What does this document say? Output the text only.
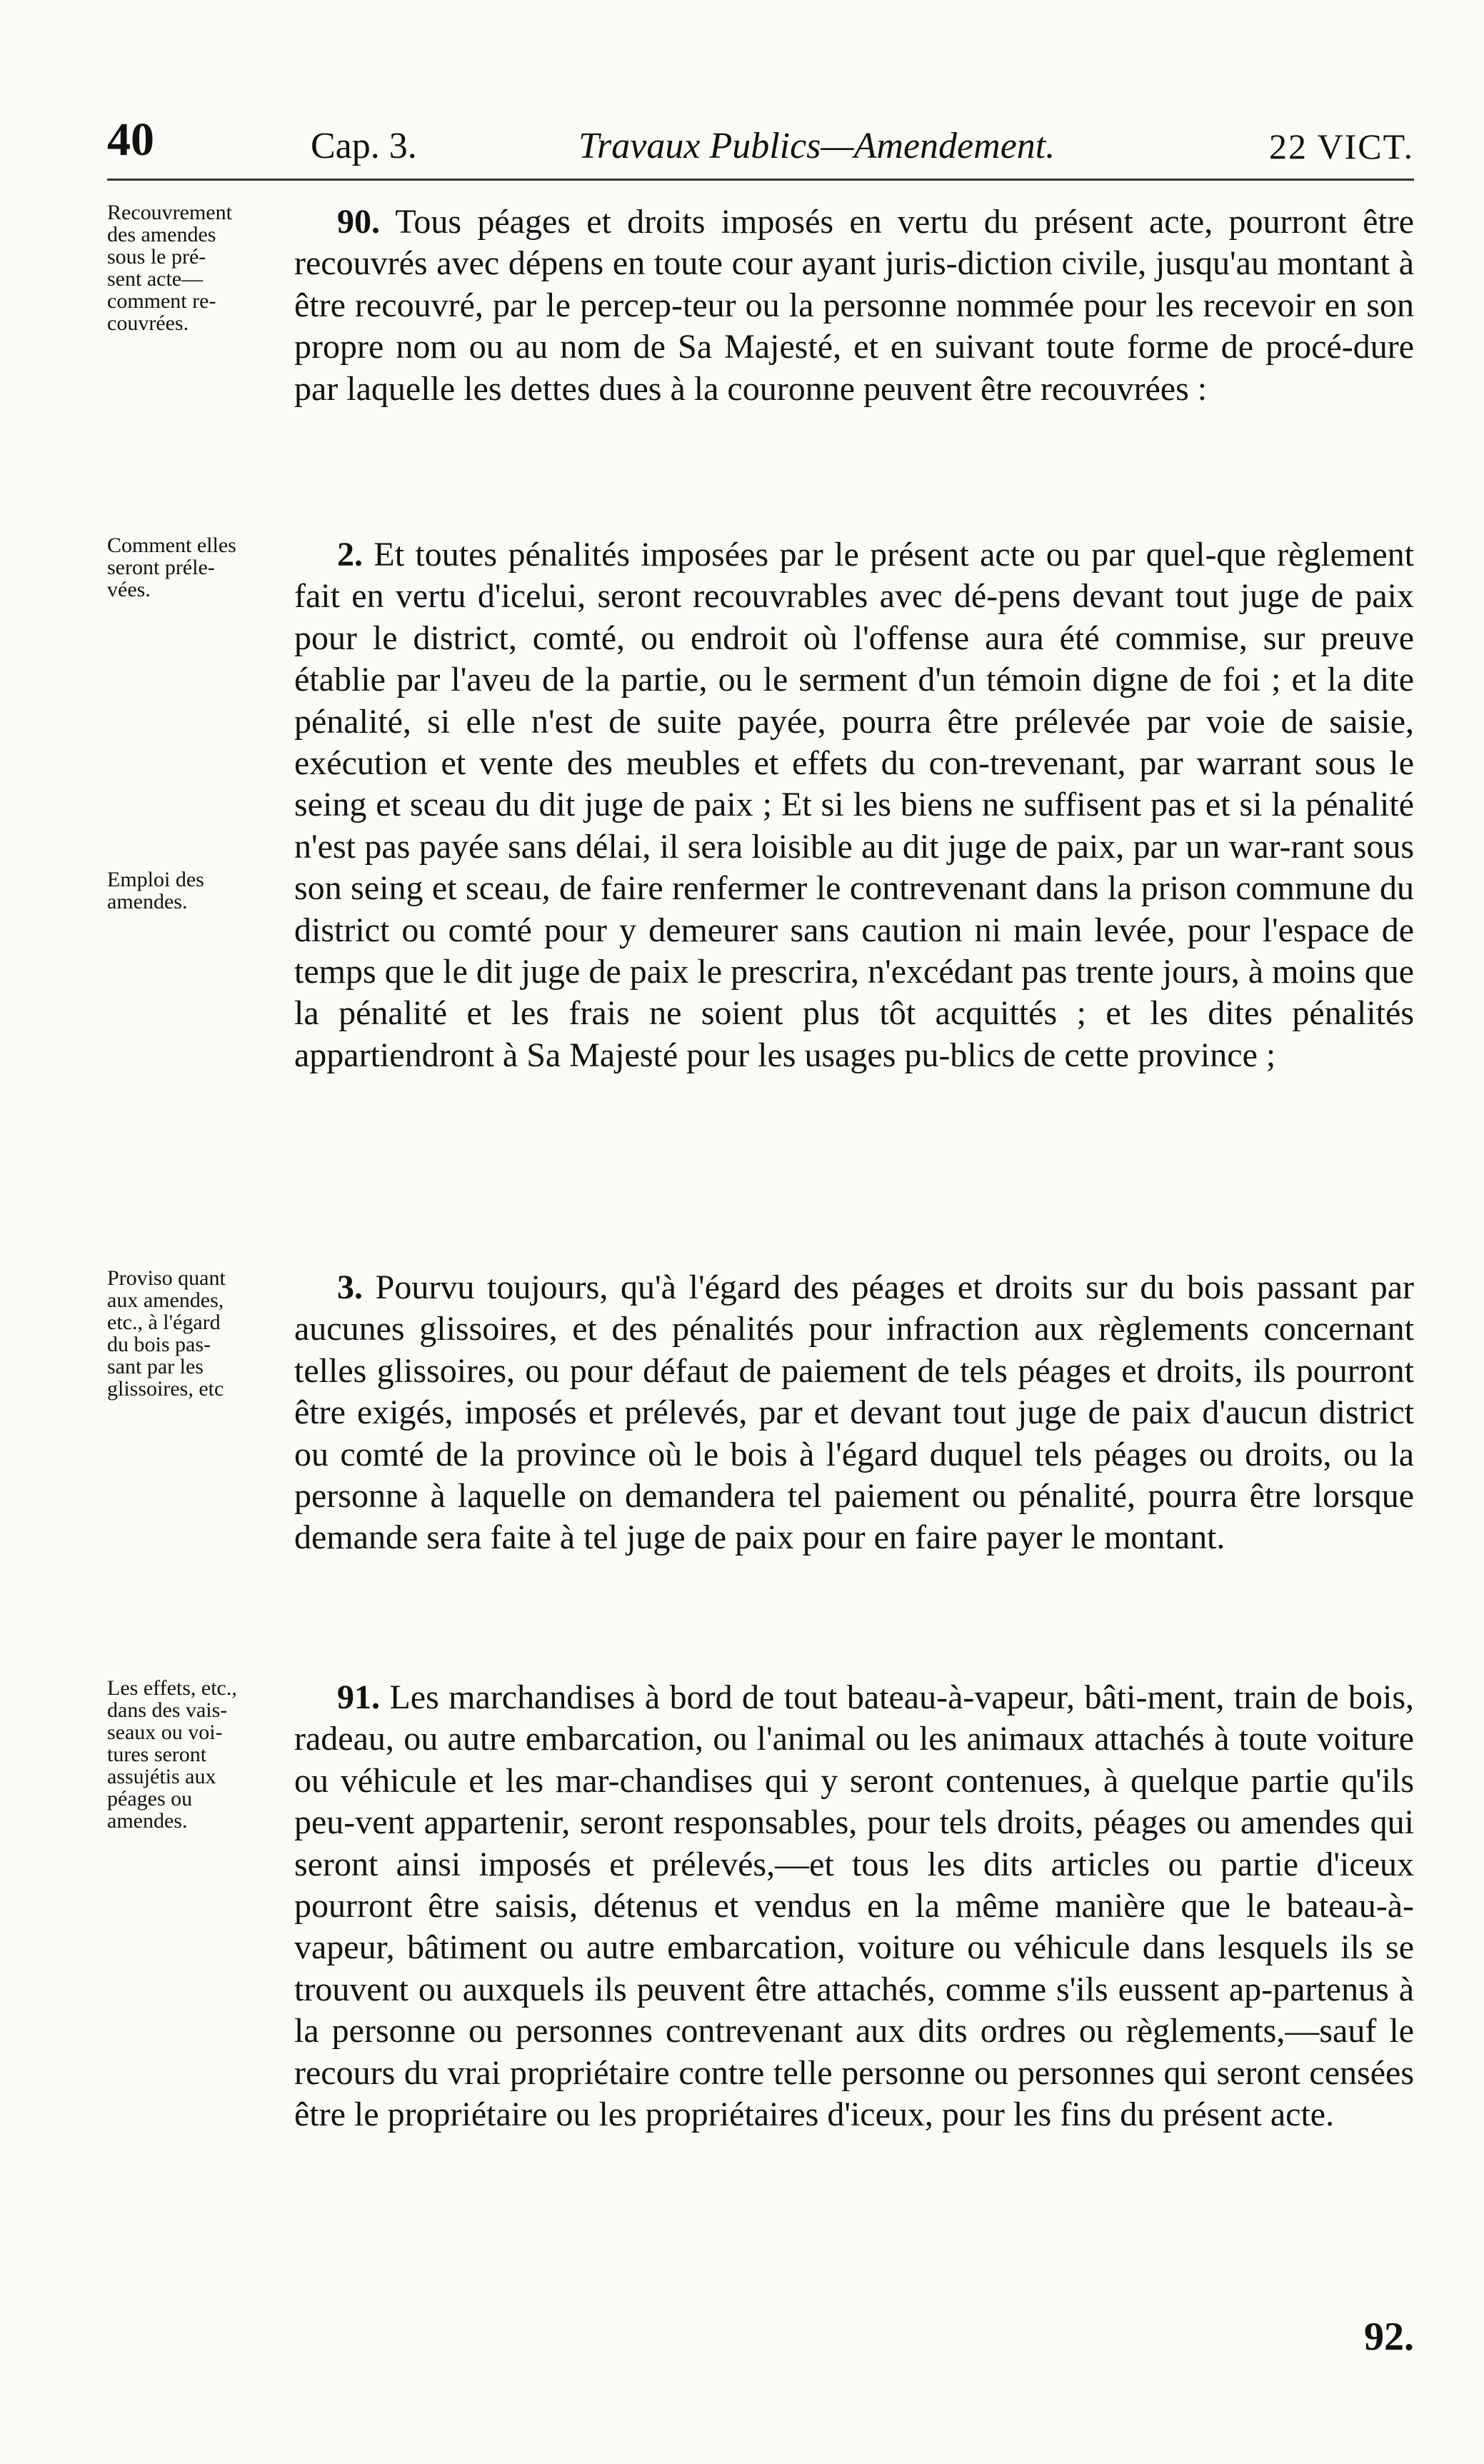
40	Cap. 3.	Travaux Publics—Amendement.	22 VICT.
Recouvrement
des amendes
sous le pré-
sent acte—
comment re-
couvrées.

90. Tous péages et droits imposés en vertu du présent acte, pourront être recouvrés avec dépens en toute cour ayant juris-diction civile, jusqu'au montant à être recouvré, par le percep-teur ou la personne nommée pour les recevoir en son propre nom ou au nom de Sa Majesté, et en suivant toute forme de procé-dure par laquelle les dettes dues à la couronne peuvent être recouvrées :

Comment elles
seront préle-
vées.
Emploi des
amendes.

2. Et toutes pénalités imposées par le présent acte ou par quel-que règlement fait en vertu d'icelui, seront recouvrables avec dé-pens devant tout juge de paix pour le district, comté, ou endroit où l'offense aura été commise, sur preuve établie par l'aveu de la partie, ou le serment d'un témoin digne de foi ; et la dite pénalité, si elle n'est de suite payée, pourra être prélevée par voie de saisie, exécution et vente des meubles et effets du con-trevenant, par warrant sous le seing et sceau du dit juge de paix ; Et si les biens ne suffisent pas et si la pénalité n'est pas payée sans délai, il sera loisible au dit juge de paix, par un war-rant sous son seing et sceau, de faire renfermer le contrevenant dans la prison commune du district ou comté pour y demeurer sans caution ni main levée, pour l'espace de temps que le dit juge de paix le prescrira, n'excédant pas trente jours, à moins que la pénalité et les frais ne soient plus tôt acquittés ; et les dites pénalités appartiendront à Sa Majesté pour les usages pu-blics de cette province ;

Proviso quant
aux amendes,
etc., à l'égard
du bois pas-
sant par les
glissoires, etc

3. Pourvu toujours, qu'à l'égard des péages et droits sur du bois passant par aucunes glissoires, et des pénalités pour infraction aux règlements concernant telles glissoires, ou pour défaut de paiement de tels péages et droits, ils pourront être exigés, imposés et prélevés, par et devant tout juge de paix d'aucun district ou comté de la province où le bois à l'égard duquel tels péages ou droits, ou la personne à laquelle on demandera tel paiement ou pénalité, pourra être lorsque demande sera faite à tel juge de paix pour en faire payer le montant.

Les effets, etc.,
dans des vais-
seaux ou voi-
tures seront
assujétis aux
péages ou
amendes.

91. Les marchandises à bord de tout bateau-à-vapeur, bâti-ment, train de bois, radeau, ou autre embarcation, ou l'animal ou les animaux attachés à toute voiture ou véhicule et les mar-chandises qui y seront contenues, à quelque partie qu'ils peu-vent appartenir, seront responsables, pour tels droits, péages ou amendes qui seront ainsi imposés et prélevés,—et tous les dits articles ou partie d'iceux pourront être saisis, détenus et vendus en la même manière que le bateau-à-vapeur, bâtiment ou autre embarcation, voiture ou véhicule dans lesquels ils se trouvent ou auxquels ils peuvent être attachés, comme s'ils eussent ap-partenus à la personne ou personnes contrevenant aux dits ordres ou règlements,—sauf le recours du vrai propriétaire contre telle personne ou personnes qui seront censées être le propriétaire ou les propriétaires d'iceux, pour les fins du présent acte.

92.
